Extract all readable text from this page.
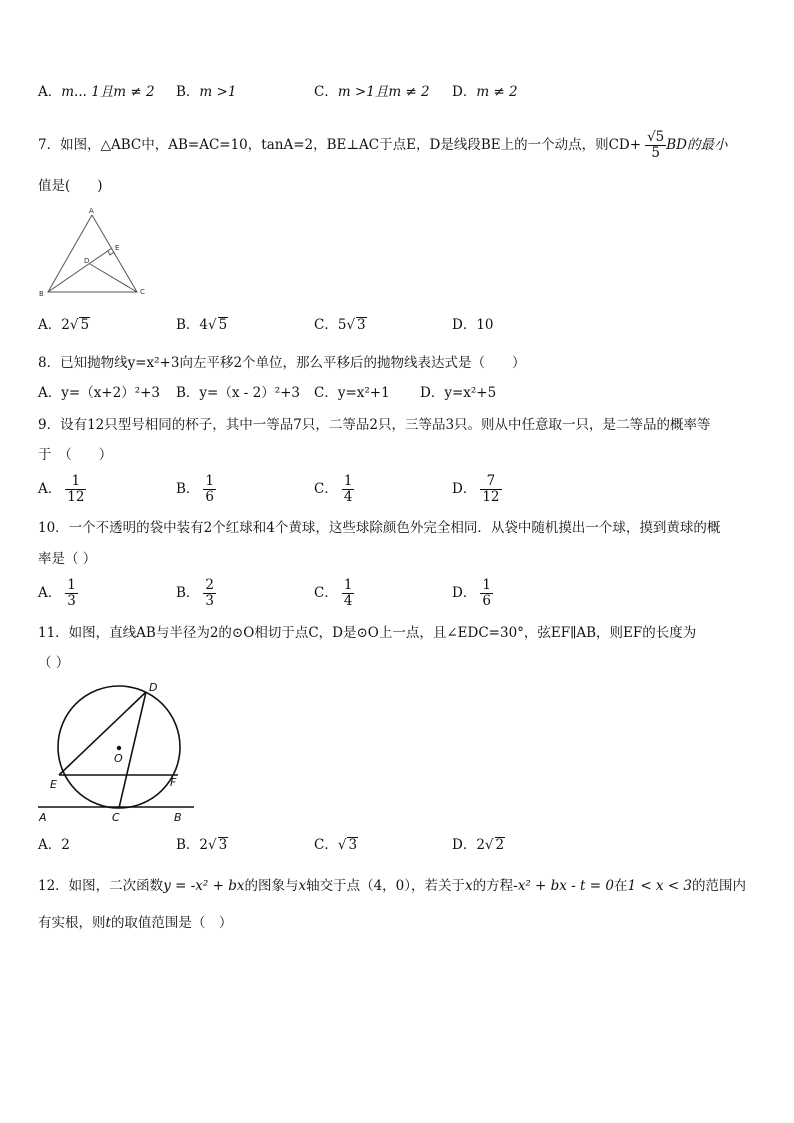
A．m... 1且m ≠ 2 B．m >1	C．m >1且m ≠ 2 D．m ≠ 2
7．如图，△ABC中，AB=AC=10，tanA=2，BE⊥AC于点E，D是线段BE上的一个动点，则$CD+ \frac{√5}{5}$ BD的最小
值是(　　)
A
B	C
D
E
A．2√ 5	B．4√ 5	C．5√ 3	D．10
8．已知抛物线y=x²+3向左平移2个单位，那么平移后的抛物线表达式是（　　）
A．y=（x+2）²+3 B．y=（x - 2）²+3 C．y=x²+1 D．y=x²+5
9．设有12只型号相同的杯子，其中一等品7只，二等品2只，三等品3只。则从中任意取一只，是二等品的概率等
于　（　　）
A． $\frac{1}{12}$	B． $\frac{1}{6}$	C． $\frac{1}{4}$	D． $\frac{7}{12}$
10．一个不透明的袋中装有2个红球和4个黄球，这些球除颜色外完全相同．从袋中随机摸出一个球，摸到黄球的概
率是（ ）
A． $\frac{1}{3}$	B． $\frac{2}{3}$	C． $\frac{1}{4}$	D． $\frac{1}{6}$
11．如图，直线AB与半径为2的⊙O相切于点C，D是⊙O上一点，且∠EDC=30°，弦EF∥AB，则EF的长度为
（ ）
A	B
C
D
E	F
O
A．2	B．2√ 3	C．√ 3	D．2√ 2
12．如图，二次函数y = -x² + bx的图象与x轴交于点（4，0），若关于x的方程-x² + bx - t = 0在1 < x < 3的范围内
有实根，则t的取值范围是（　）
